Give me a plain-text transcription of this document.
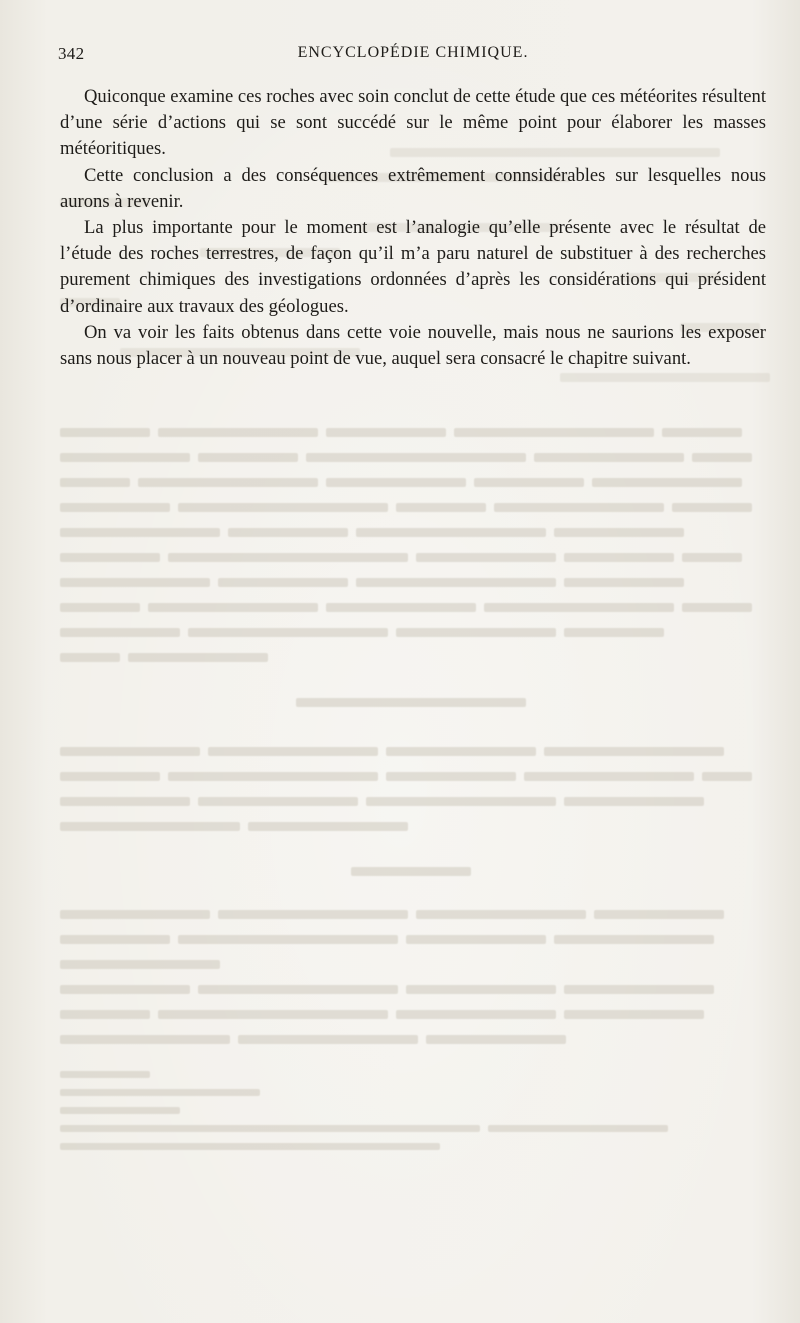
342	ENCYCLOPÉDIE CHIMIQUE.

Quiconque examine ces roches avec soin conclut de cette étude que ces météorites résultent d’une série d’actions qui se sont succédé sur le même point pour élaborer les masses météoritiques.

Cette conclusion a des conséquences extrêmement connsidérables sur lesquelles nous aurons à revenir.

La plus importante pour le moment est l’analogie qu’elle présente avec le résultat de l’étude des roches terrestres, de façon qu’il m’a paru naturel de substituer à des recherches purement chimiques des investigations ordonnées d’après les considérations qui président d’ordinaire aux travaux des géologues.

On va voir les faits obtenus dans cette voie nouvelle, mais nous ne saurions les exposer sans nous placer à un nouveau point de vue, auquel sera consacré le chapitre suivant.
